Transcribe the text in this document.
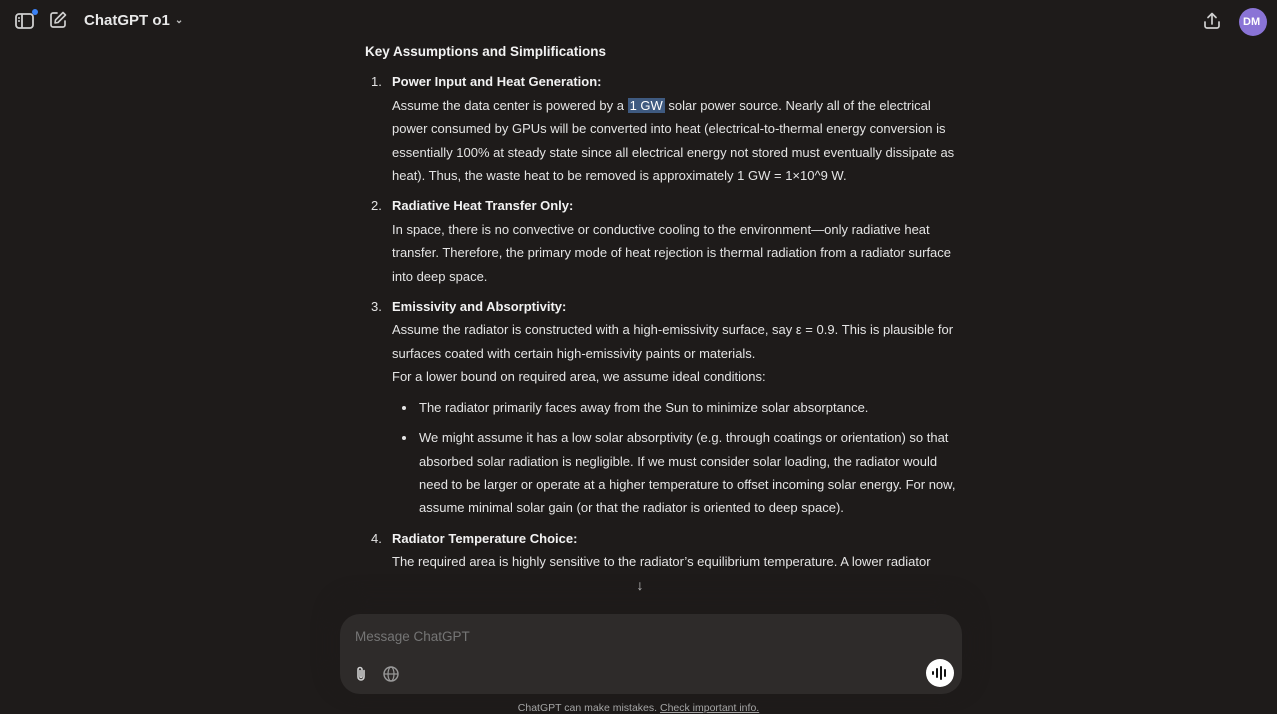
ChatGPT o1 ⌄	DM
Key Assumptions and Simplifications
1. Power Input and Heat Generation:
Assume the data center is powered by a 1 GW solar power source. Nearly all of the electrical power consumed by GPUs will be converted into heat (electrical-to-thermal energy conversion is essentially 100% at steady state since all electrical energy not stored must eventually dissipate as heat). Thus, the waste heat to be removed is approximately 1 GW = 1×10^9 W.
2. Radiative Heat Transfer Only:
In space, there is no convective or conductive cooling to the environment—only radiative heat transfer. Therefore, the primary mode of heat rejection is thermal radiation from a radiator surface into deep space.
3. Emissivity and Absorptivity:
Assume the radiator is constructed with a high-emissivity surface, say ε = 0.9. This is plausible for surfaces coated with certain high-emissivity paints or materials.
For a lower bound on required area, we assume ideal conditions:
The radiator primarily faces away from the Sun to minimize solar absorptance.
We might assume it has a low solar absorptivity (e.g. through coatings or orientation) so that absorbed solar radiation is negligible. If we must consider solar loading, the radiator would need to be larger or operate at a higher temperature to offset incoming solar energy. For now, assume minimal solar gain (or that the radiator is oriented to deep space).
4. Radiator Temperature Choice:
The required area is highly sensitive to the radiator’s equilibrium temperature. A lower radiator
↓
Message ChatGPT
ChatGPT can make mistakes. Check important info.
